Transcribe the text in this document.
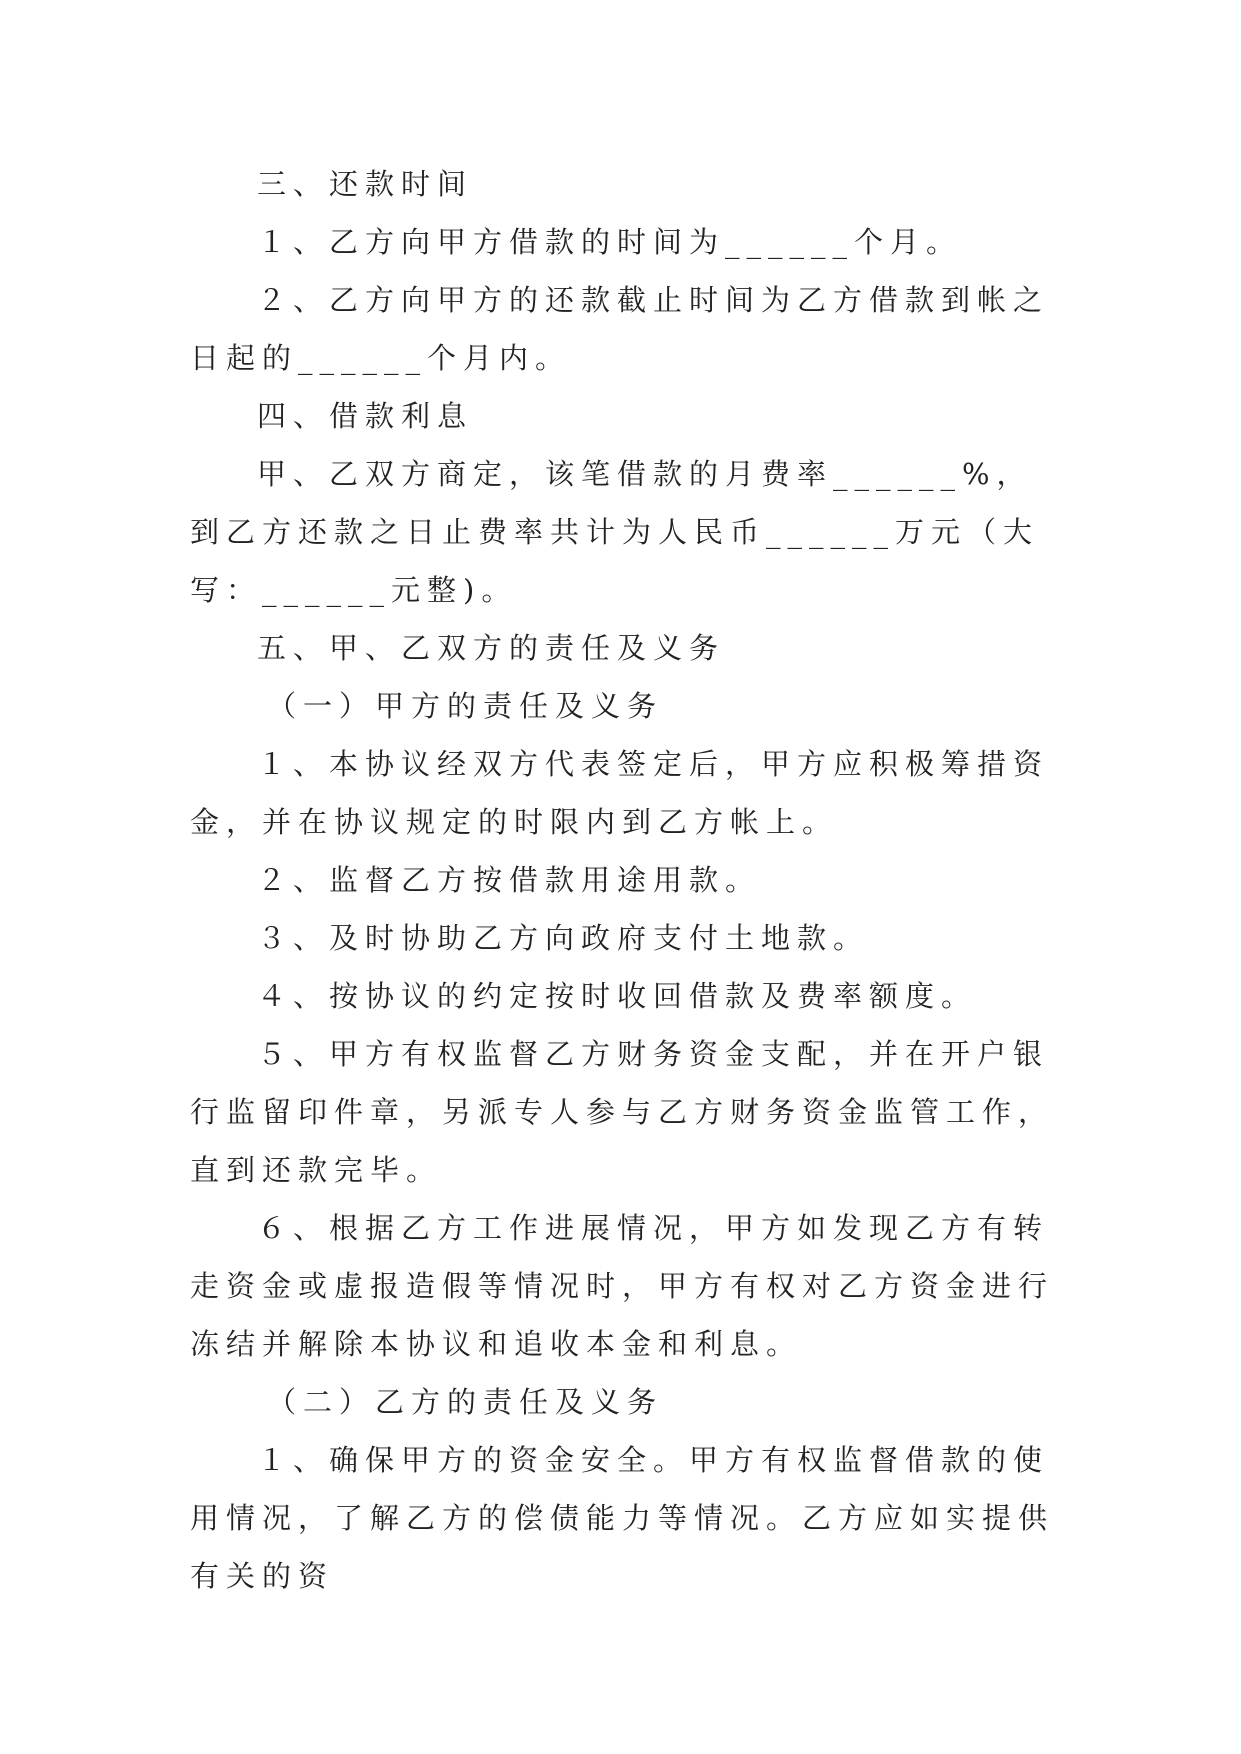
三、还款时间

１、乙方向甲方借款的时间为______个月。

２、乙方向甲方的还款截止时间为乙方借款到帐之日起的______个月内。

四、借款利息

甲、乙双方商定，该笔借款的月费率______%，到乙方还款之日止费率共计为人民币______万元（大写：______元整)。

五、甲、乙双方的责任及义务

（一）甲方的责任及义务

１、本协议经双方代表签定后，甲方应积极筹措资金，并在协议规定的时限内到乙方帐上。

２、监督乙方按借款用途用款。

３、及时协助乙方向政府支付土地款。

４、按协议的约定按时收回借款及费率额度。

５、甲方有权监督乙方财务资金支配，并在开户银行监留印件章，另派专人参与乙方财务资金监管工作，直到还款完毕。

６、根据乙方工作进展情况，甲方如发现乙方有转走资金或虚报造假等情况时，甲方有权对乙方资金进行冻结并解除本协议和追收本金和利息。

（二）乙方的责任及义务

１、确保甲方的资金安全。甲方有权监督借款的使用情况，了解乙方的偿债能力等情况。乙方应如实提供有关的资
